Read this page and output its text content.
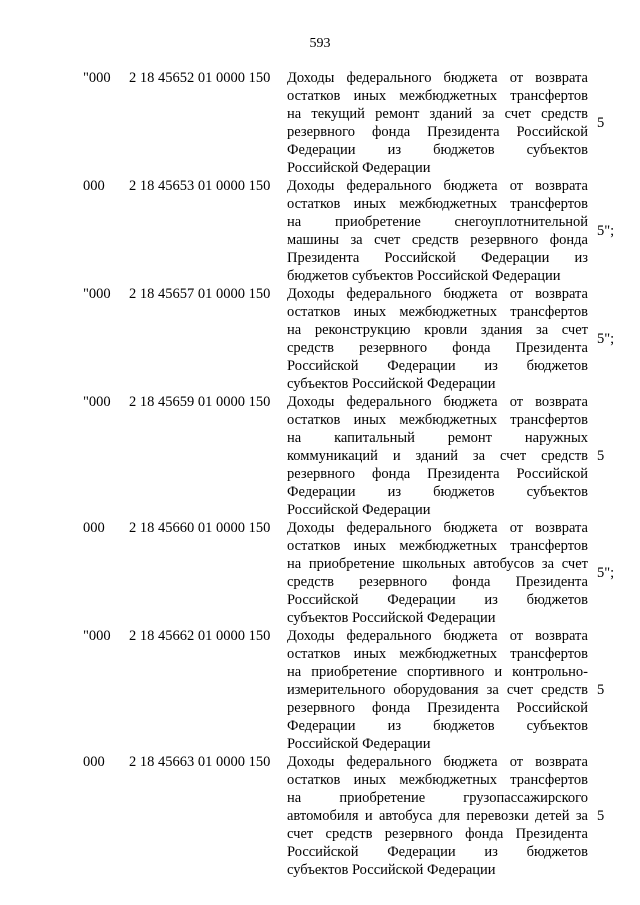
593
"000 2 18 45652 01 0000 150 Доходы федерального бюджета от возврата
остатков иных межбюджетных трансфертов
на текущий ремонт зданий за счет средств
резервного фонда Президента Российской
Федерации из бюджетов субъектов
Российской Федерации
5
000 2 18 45653 01 0000 150 Доходы федерального бюджета от возврата
остатков иных межбюджетных трансфертов
на приобретение снегоуплотнительной
машины за счет средств резервного фонда
Президента Российской Федерации из
бюджетов субъектов Российской Федерации
5";
"000 2 18 45657 01 0000 150 Доходы федерального бюджета от возврата
остатков иных межбюджетных трансфертов
на реконструкцию кровли здания за счет
средств резервного фонда Президента
Российской Федерации из бюджетов
субъектов Российской Федерации
5";
"000 2 18 45659 01 0000 150 Доходы федерального бюджета от возврата
остатков иных межбюджетных трансфертов
на капитальный ремонт наружных
коммуникаций и зданий за счет средств
резервного фонда Президента Российской
Федерации из бюджетов субъектов
Российской Федерации
5
000 2 18 45660 01 0000 150 Доходы федерального бюджета от возврата
остатков иных межбюджетных трансфертов
на приобретение школьных автобусов за счет
средств резервного фонда Президента
Российской Федерации из бюджетов
субъектов Российской Федерации
5";
"000 2 18 45662 01 0000 150 Доходы федерального бюджета от возврата
остатков иных межбюджетных трансфертов
на приобретение спортивного и контрольно-
измерительного оборудования за счет средств
резервного фонда Президента Российской
Федерации из бюджетов субъектов
Российской Федерации
5
000 2 18 45663 01 0000 150 Доходы федерального бюджета от возврата
остатков иных межбюджетных трансфертов
на приобретение грузопассажирского
автомобиля и автобуса для перевозки детей за
счет средств резервного фонда Президента
Российской Федерации из бюджетов
субъектов Российской Федерации
5
